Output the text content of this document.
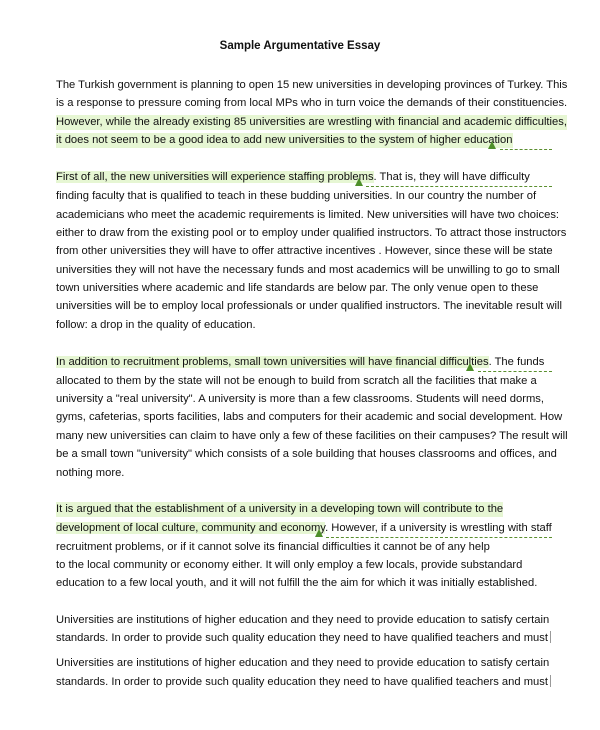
Sample Argumentative Essay
The Turkish government is planning to open 15 new universities in developing provinces of Turkey. This
is a response to pressure coming from local MPs who in turn voice the demands of their constituencies.
However, while the already existing 85 universities are wrestling with financial and academic difficulties,
it does not seem to be a good idea to add new universities to the system of higher education
First of all, the new universities will experience staffing problems. That is, they will have difficulty
finding faculty that is qualified to teach in these budding universities. In our country the number of
academicians who meet the academic requirements is limited. New universities will have two choices:
either to draw from the existing pool or to employ under qualified instructors. To attract those instructors
from other universities they will have to offer attractive incentives . However, since these will be state
universities they will not have the necessary funds and most academics will be unwilling to go to small
town universities where academic and life standards are below par. The only venue open to these
universities will be to employ local professionals or under qualified instructors. The inevitable result will
follow: a drop in the quality of education.
In addition to recruitment problems, small town universities will have financial difficulties. The funds
allocated to them by the state will not be enough to build from scratch all the facilities that make a
university a "real university". A university is more than a few classrooms. Students will need dorms,
gyms, cafeterias, sports facilities, labs and computers for their academic and social development. How
many new universities can claim to have only a few of these facilities on their campuses? The result will
be a small town "university" which consists of a sole building that houses classrooms and offices, and
nothing more.
It is argued that the establishment of a university in a developing town will contribute to the
development of local culture, community and economy. However, if a university is wrestling with staff
recruitment problems, or if it cannot solve its financial difficulties it cannot be of any help
to the local community or economy either. It will only employ a few locals, provide substandard
education to a few local youth, and it will not fulfill the the aim for which it was initially established.
Universities are institutions of higher education and they need to provide education to satisfy certain
standards. In order to provide such quality education they need to have qualified teachers and must
Universities are institutions of higher education and they need to provide education to satisfy certain
standards. In order to provide such quality education they need to have qualified teachers and must
